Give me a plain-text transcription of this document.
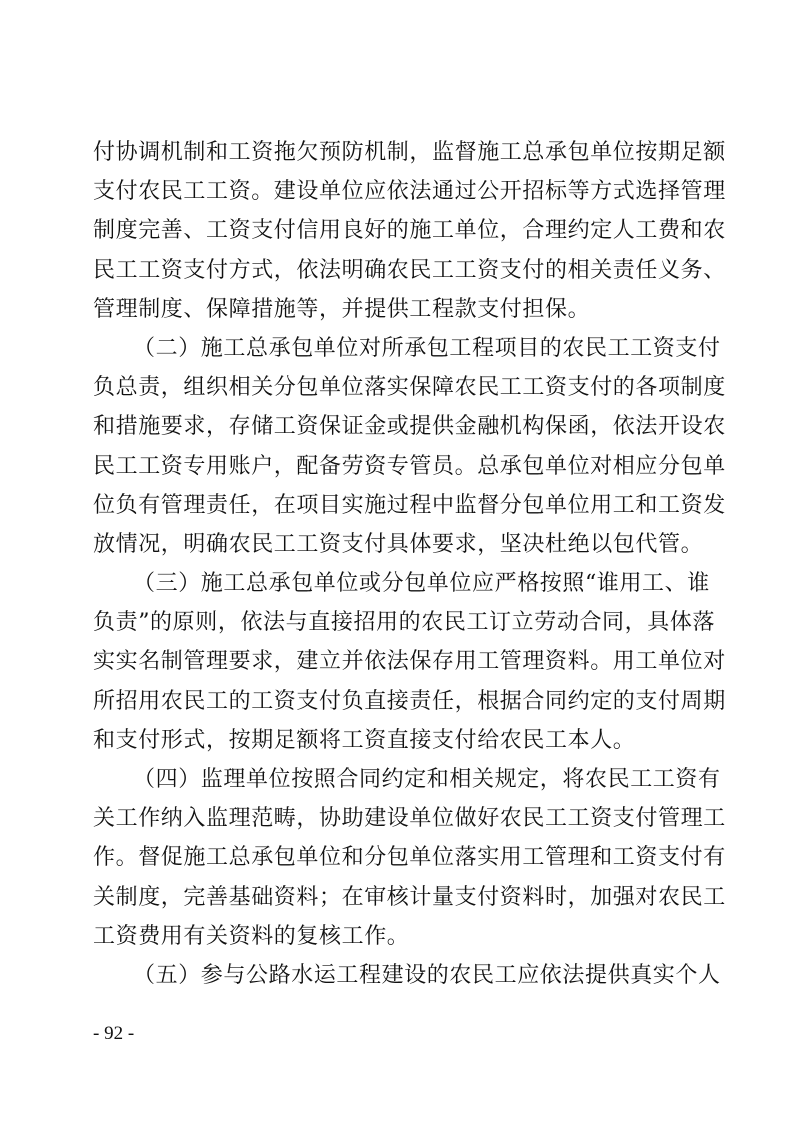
付协调机制和工资拖欠预防机制，监督施工总承包单位按期足额
支付农民工工资。建设单位应依法通过公开招标等方式选择管理
制度完善、工资支付信用良好的施工单位，合理约定人工费和农
民工工资支付方式，依法明确农民工工资支付的相关责任义务、
管理制度、保障措施等，并提供工程款支付担保。
（二）施工总承包单位对所承包工程项目的农民工工资支付
负总责，组织相关分包单位落实保障农民工工资支付的各项制度
和措施要求，存储工资保证金或提供金融机构保函，依法开设农
民工工资专用账户，配备劳资专管员。总承包单位对相应分包单
位负有管理责任，在项目实施过程中监督分包单位用工和工资发
放情况，明确农民工工资支付具体要求，坚决杜绝以包代管。
（三）施工总承包单位或分包单位应严格按照“谁用工、谁
负责”的原则，依法与直接招用的农民工订立劳动合同，具体落
实实名制管理要求，建立并依法保存用工管理资料。用工单位对
所招用农民工的工资支付负直接责任，根据合同约定的支付周期
和支付形式，按期足额将工资直接支付给农民工本人。
（四）监理单位按照合同约定和相关规定，将农民工工资有
关工作纳入监理范畴，协助建设单位做好农民工工资支付管理工
作。督促施工总承包单位和分包单位落实用工管理和工资支付有
关制度，完善基础资料；在审核计量支付资料时，加强对农民工
工资费用有关资料的复核工作。
（五）参与公路水运工程建设的农民工应依法提供真实个人
- 92 -
